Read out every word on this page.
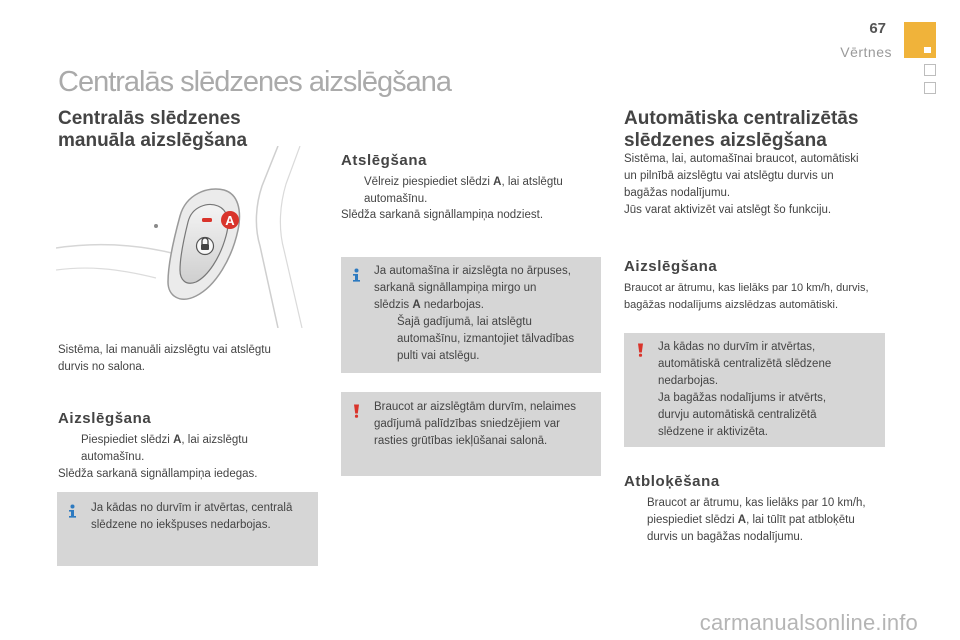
67
Vērtnes
Centralās slēdzenes aizslēgšana
Centralās slēdzenes
manuāla aizslēgšana
A
Sistēma, lai manuāli aizslēgtu vai atslēgtu
durvis no salona.
Aizslēgšana
Piespiediet slēdzi A, lai aizslēgtu
automašīnu.
Slēdža sarkanā signāllampiņa iedegas.
Ja kādas no durvīm ir atvērtas, centralā
slēdzene no iekšpuses nedarbojas.
Atslēgšana
Vēlreiz piespiediet slēdzi A, lai atslēgtu
automašīnu.
Slēdža sarkanā signāllampiņa nodziest.
Ja automašīna ir aizslēgta no ārpuses,
sarkanā signāllampiņa mirgo un
slēdzis A nedarbojas.
Šajā gadījumā, lai atslēgtu
automašīnu, izmantojiet tālvadības
pulti vai atslēgu.
Braucot ar aizslēgtām durvīm, nelaimes
gadījumā palīdzības sniedzējiem var
rasties grūtības iekļūšanai salonā.
Automātiska centralizētās
slēdzenes aizslēgšana
Sistēma, lai, automašīnai braucot, automātiski
un pilnībā aizslēgtu vai atslēgtu durvis un
bagāžas nodalījumu.
Jūs varat aktivizēt vai atslēgt šo funkciju.
Aizslēgšana
Braucot ar ātrumu, kas lielāks par 10 km/h, durvis,
bagāžas nodalījums aizslēdzas automātiski.
Ja kādas no durvīm ir atvērtas,
automātiskā centralizētā slēdzene
nedarbojas.
Ja bagāžas nodalījums ir atvērts,
durvju automātiskā centralizētā
slēdzene ir aktivizēta.
Atbloķēšana
Braucot ar ātrumu, kas lielāks par 10 km/h,
piespiediet slēdzi A, lai tūlīt pat atbloķētu
durvis un bagāžas nodalījumu.
carmanualsonline.info
